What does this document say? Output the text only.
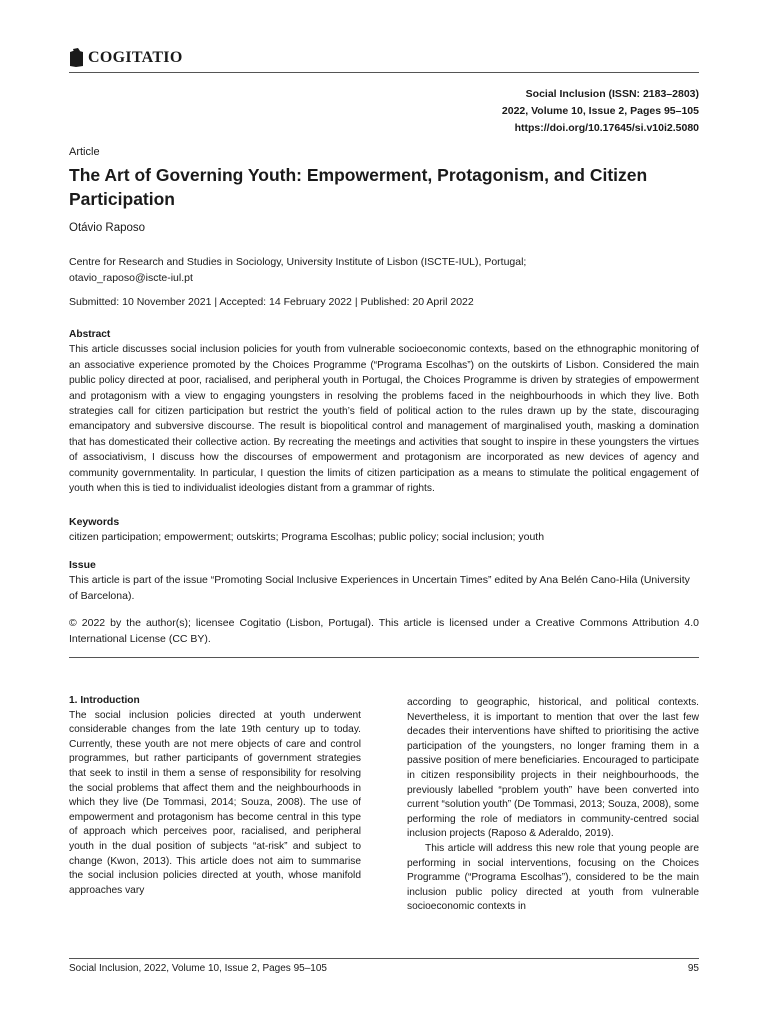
COGITATIO
Social Inclusion (ISSN: 2183–2803)
2022, Volume 10, Issue 2, Pages 95–105
https://doi.org/10.17645/si.v10i2.5080
Article
The Art of Governing Youth: Empowerment, Protagonism, and Citizen Participation
Otávio Raposo
Centre for Research and Studies in Sociology, University Institute of Lisbon (ISCTE-IUL), Portugal;
otavio_raposo@iscte-iul.pt
Submitted: 10 November 2021 | Accepted: 14 February 2022 | Published: 20 April 2022

Abstract

This article discusses social inclusion policies for youth from vulnerable socioeconomic contexts, based on the ethnographic monitoring of an associative experience promoted by the Choices Programme (“Programa Escolhas”) on the outskirts of Lisbon. Considered the main public policy directed at poor, racialised, and peripheral youth in Portugal, the Choices Programme is driven by strategies of empowerment and protagonism with a view to engaging youngsters in resolving the problems faced in the neighbourhoods in which they live. Both strategies call for citizen participation but restrict the youth’s field of political action to the rules drawn up by the state, discouraging emancipatory and subversive discourse. The result is biopolitical control and management of marginalised youth, masking a domination that has domesticated their collective action. By recreating the meetings and activities that sought to inspire in these youngsters the virtues of associativism, I discuss how the discourses of empowerment and protagonism are incorporated as new devices of agency and community governmentality. In particular, I question the limits of citizen participation as a means to stimulate the political engagement of youth when this is tied to individualist ideologies distant from a grammar of rights.

Keywords

citizen participation; empowerment; outskirts; Programa Escolhas; public policy; social inclusion; youth

Issue

This article is part of the issue “Promoting Social Inclusive Experiences in Uncertain Times” edited by Ana Belén Cano-Hila (University of Barcelona).

© 2022 by the author(s); licensee Cogitatio (Lisbon, Portugal). This article is licensed under a Creative Commons Attribution 4.0 International License (CC BY).

1. Introduction

The social inclusion policies directed at youth underwent considerable changes from the late 19th century up to today. Currently, these youth are not mere objects of care and control programmes, but rather participants of government strategies that seek to instil in them a sense of responsibility for resolving the social problems that affect them and the neighbourhoods in which they live (De Tommasi, 2014; Souza, 2008). The use of empowerment and protagonism has become central in this type of approach which perceives poor, racialised, and peripheral youth in the dual position of subjects “at-risk” and subject to change (Kwon, 2013). This article does not aim to summarise the social inclusion policies directed at youth, whose manifold approaches vary

according to geographic, historical, and political contexts. Nevertheless, it is important to mention that over the last few decades their interventions have shifted to prioritising the active participation of the youngsters, no longer framing them in a passive position of mere beneficiaries. Encouraged to participate in citizen responsibility projects in their neighbourhoods, the previously labelled “problem youth” have been converted into current “solution youth” (De Tommasi, 2013; Souza, 2008), some performing the role of mediators in community-centred social inclusion projects (Raposo & Aderaldo, 2019).

This article will address this new role that young people are performing in social interventions, focusing on the Choices Programme (“Programa Escolhas”), considered to be the main inclusion public policy directed at youth from vulnerable socioeconomic contexts in

Social Inclusion, 2022, Volume 10, Issue 2, Pages 95–105	95
